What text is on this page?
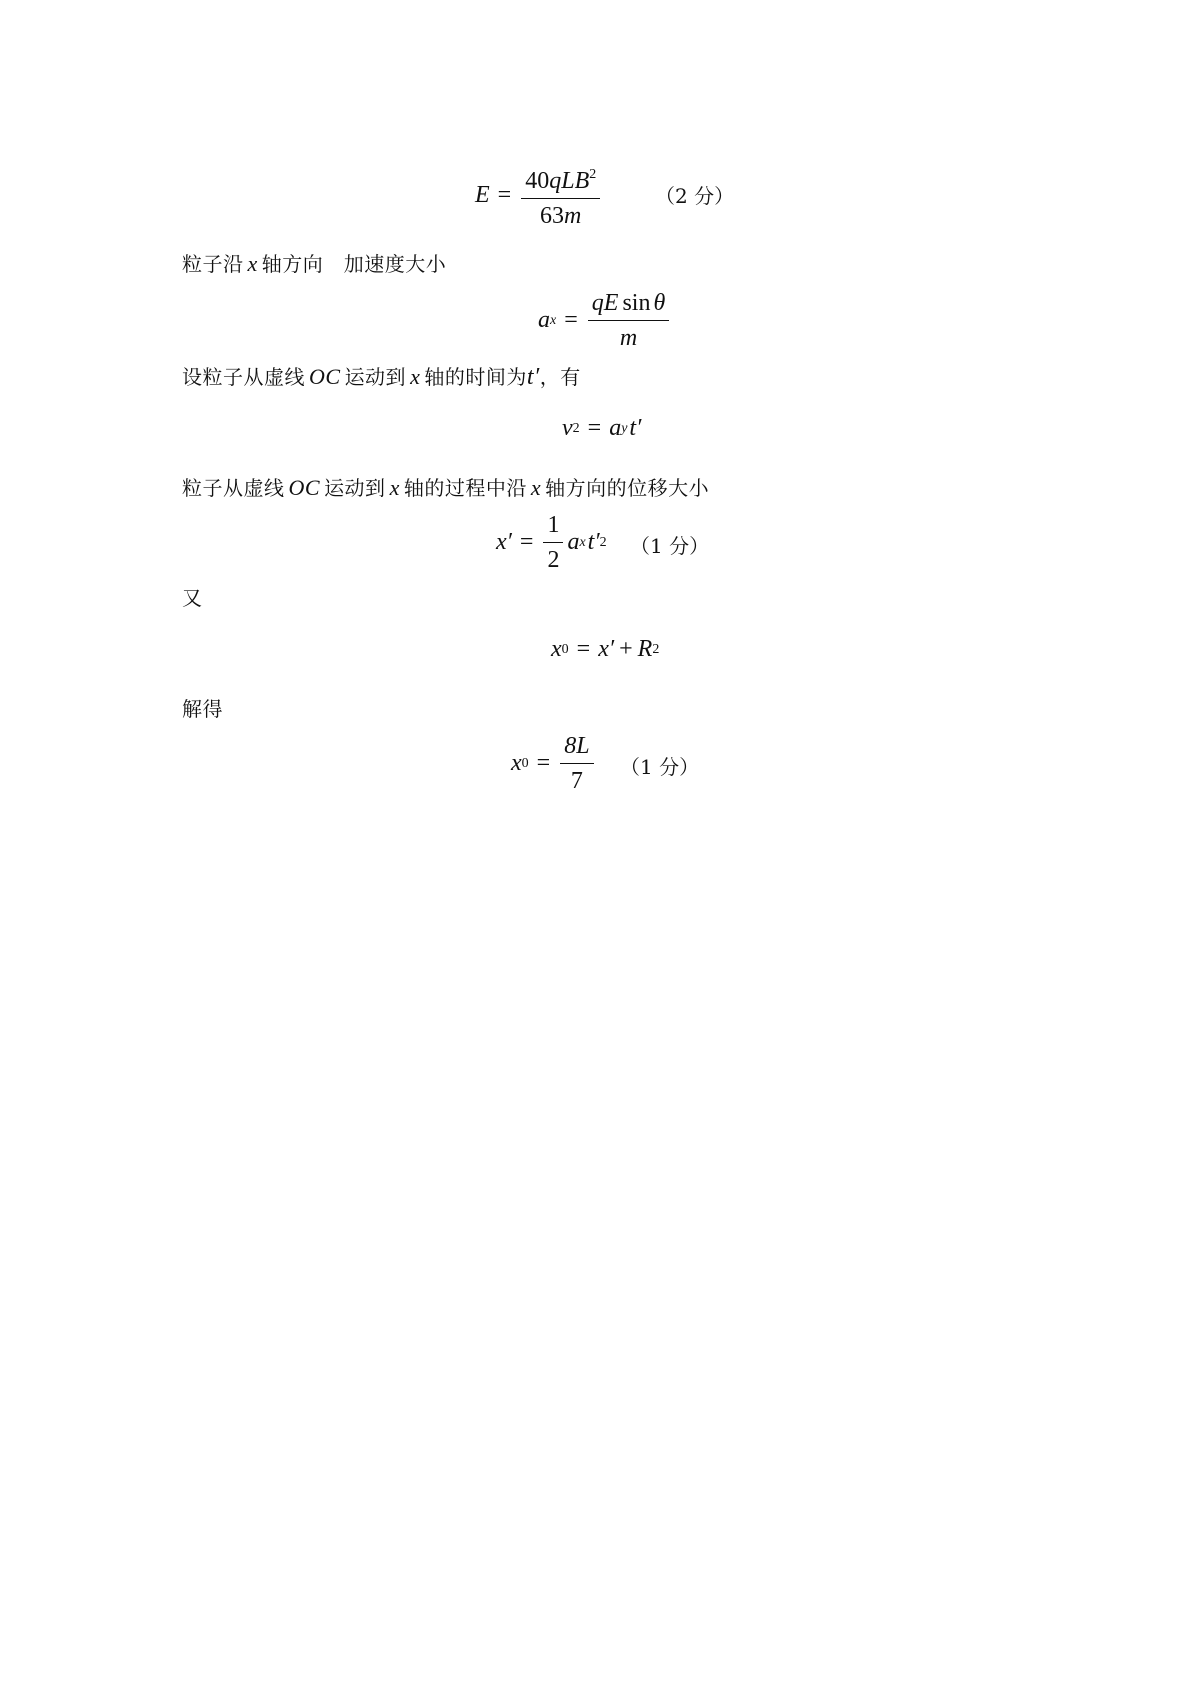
$E = \frac{40qLB^2}{63m}$	（2 分）
粒子沿 x 轴方向　加速度大小
a $x = \frac{\text{qE sin θ}}{m}$
设粒子从虚线 OC 运动到 x 轴的时间为t′，有
v 2 = a y t′
粒子从虚线 OC 运动到 x 轴的过程中沿 x 轴方向的位移大小
$x' = \frac{1}{2}$ a x t′ 2 （1 分）
又
x 0 = x′ + R 2
解得
x $0 = \frac{8L}{7} (1$ 分）
